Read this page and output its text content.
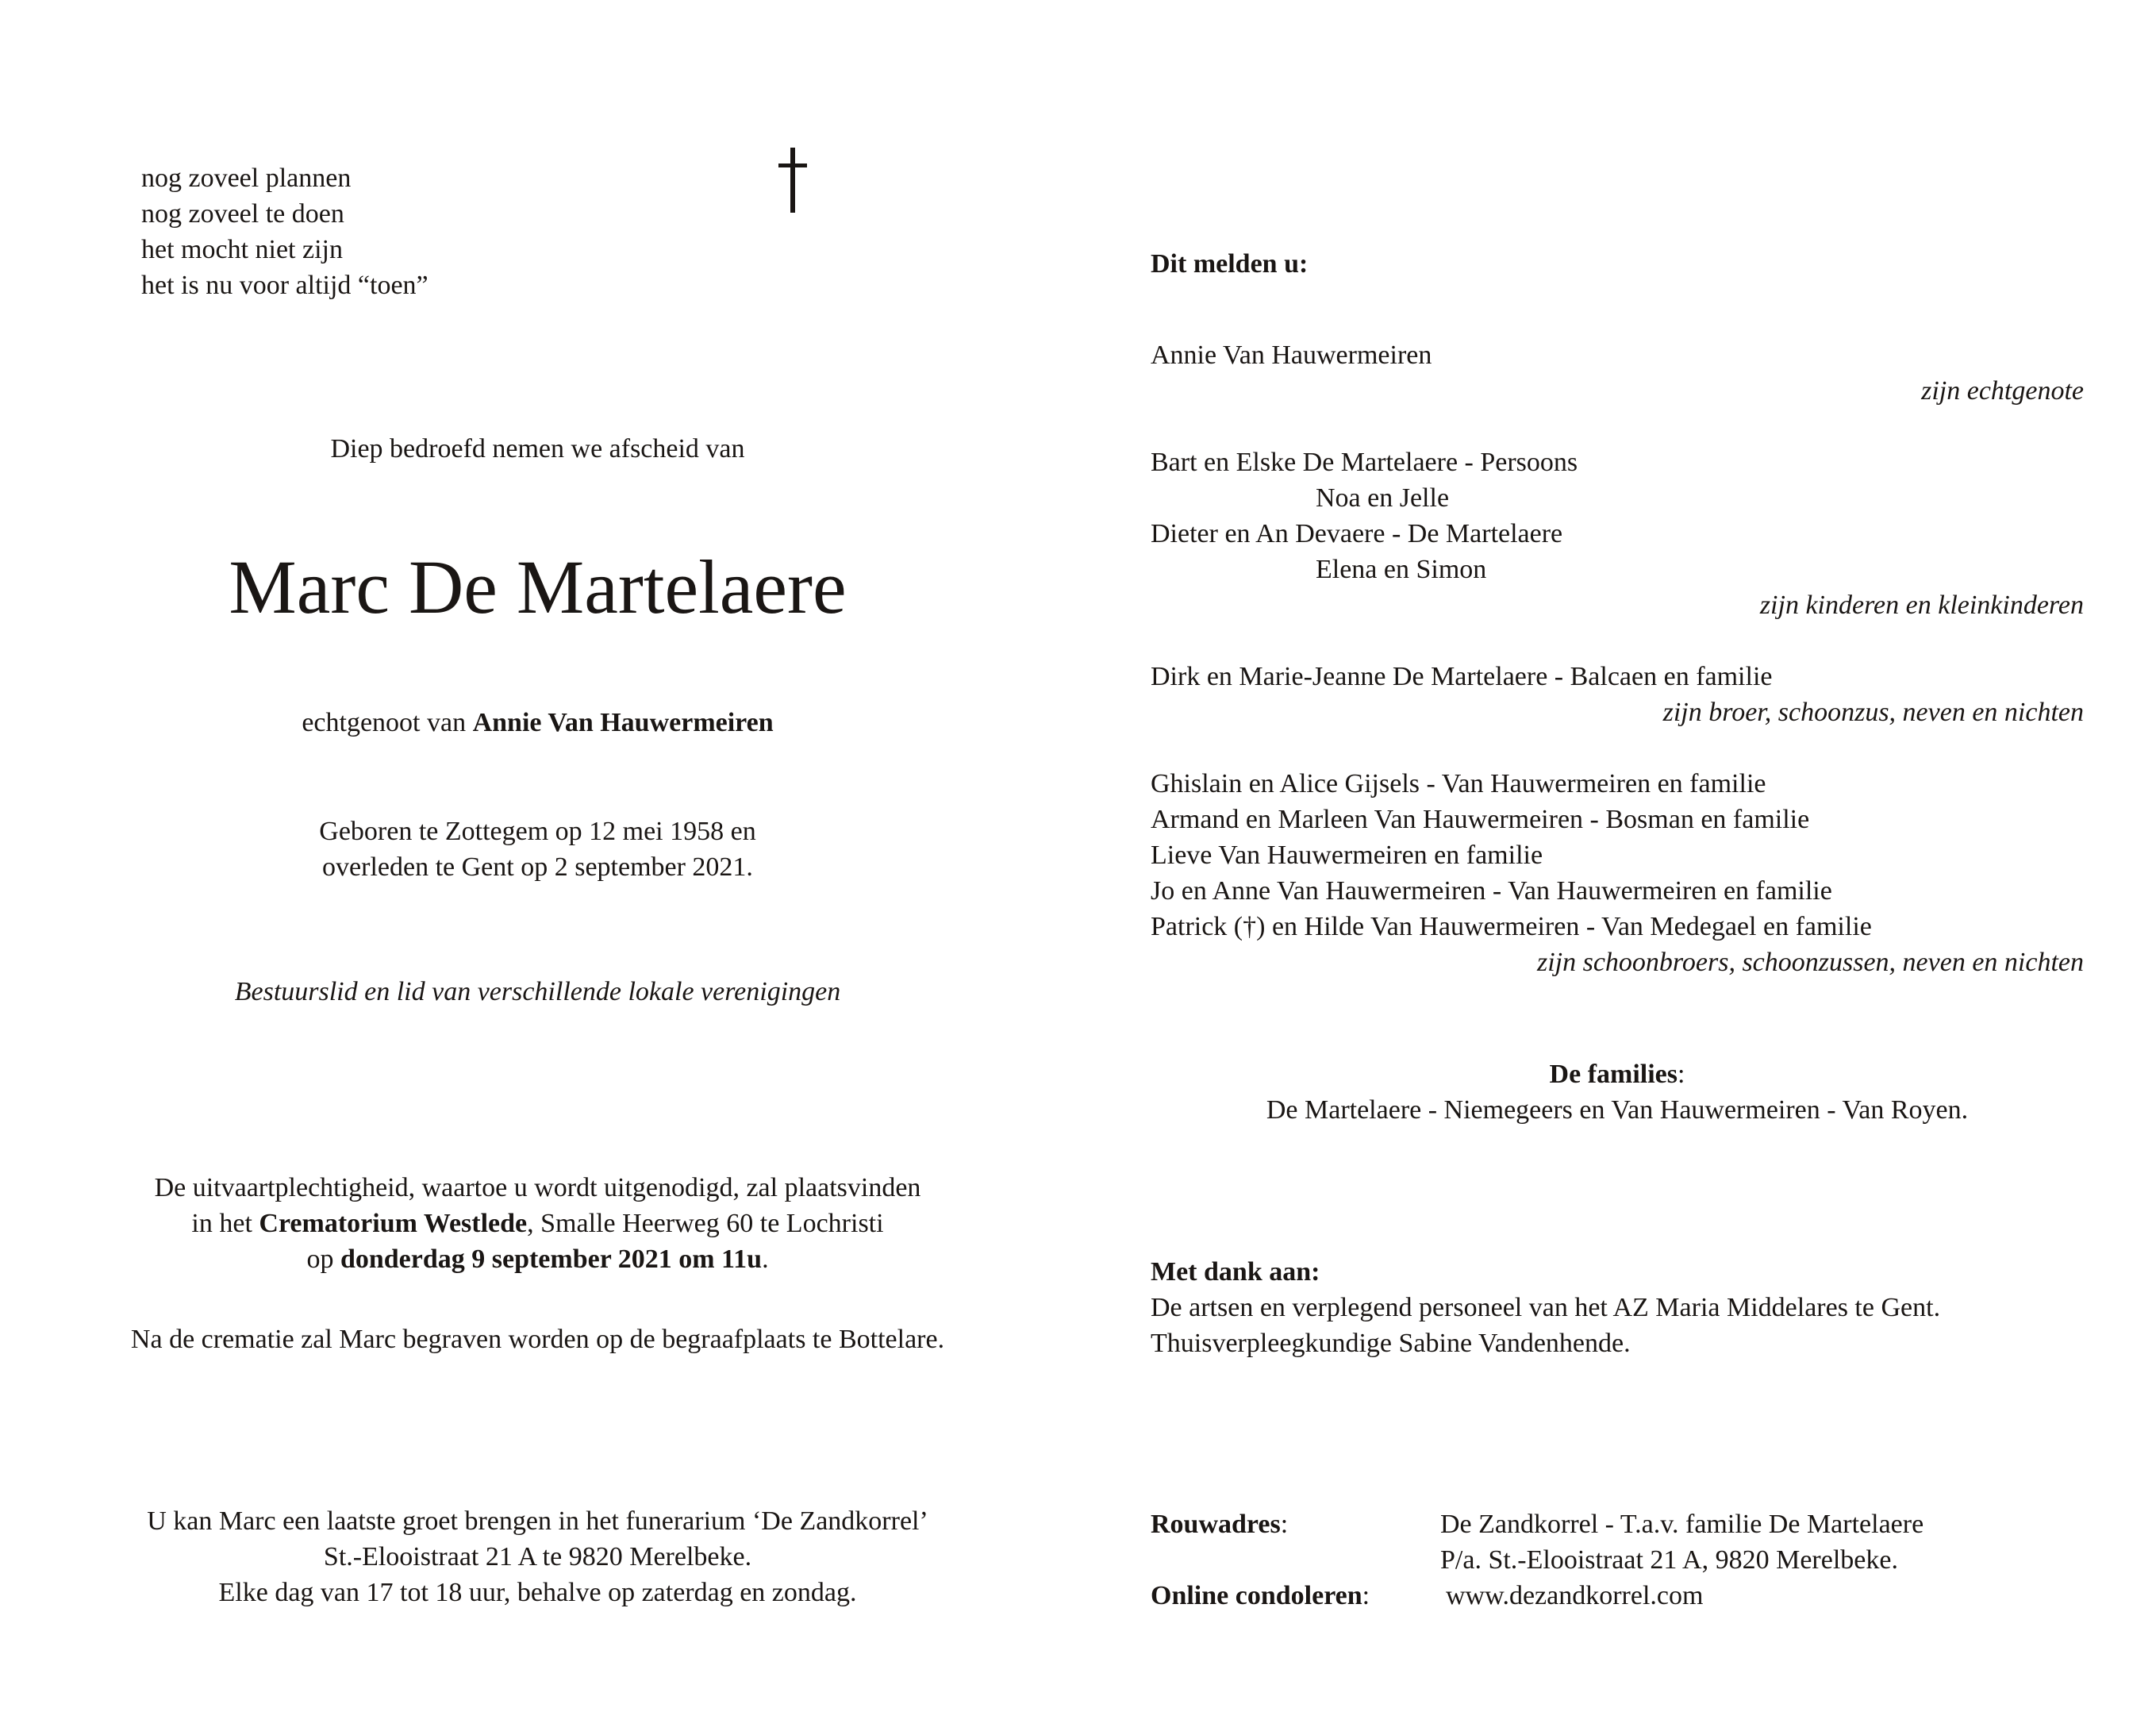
nog zoveel plannen
nog zoveel te doen
het mocht niet zijn
het is nu voor altijd “toen”
Diep bedroefd nemen we afscheid van
Marc De Martelaere
echtgenoot van Annie Van Hauwermeiren
Geboren te Zottegem op 12 mei 1958 en
overleden te Gent op 2 september 2021.
Bestuurslid en lid van verschillende lokale verenigingen
De uitvaartplechtigheid, waartoe u wordt uitgenodigd, zal plaatsvinden
in het Crematorium Westlede, Smalle Heerweg 60 te Lochristi
op donderdag 9 september 2021 om 11u.
Na de crematie zal Marc begraven worden op de begraafplaats te Bottelare.
U kan Marc een laatste groet brengen in het funerarium ‘De Zandkorrel’
St.-Elooistraat 21 A te 9820 Merelbeke.
Elke dag van 17 tot 18 uur, behalve op zaterdag en zondag.
Dit melden u:
Annie Van Hauwermeiren
zijn echtgenote
Bart en Elske De Martelaere - Persoons
Noa en Jelle
Dieter en An Devaere - De Martelaere
Elena en Simon
zijn kinderen en kleinkinderen
Dirk en Marie-Jeanne De Martelaere - Balcaen en familie
zijn broer, schoonzus, neven en nichten
Ghislain en Alice Gijsels - Van Hauwermeiren en familie
Armand en Marleen Van Hauwermeiren - Bosman en familie
Lieve Van Hauwermeiren en familie
Jo en Anne Van Hauwermeiren - Van Hauwermeiren en familie
Patrick (†) en Hilde Van Hauwermeiren - Van Medegael en familie
zijn schoonbroers, schoonzussen, neven en nichten
De families:
De Martelaere - Niemegeers en Van Hauwermeiren - Van Royen.
Met dank aan:
De artsen en verplegend personeel van het AZ Maria Middelares te Gent.
Thuisverpleegkundige Sabine Vandenhende.
Rouwadres:	De Zandkorrel - T.a.v. familie De Martelaere
P/a. St.-Elooistraat 21 A, 9820 Merelbeke.
Online condoleren:	www.dezandkorrel.com
